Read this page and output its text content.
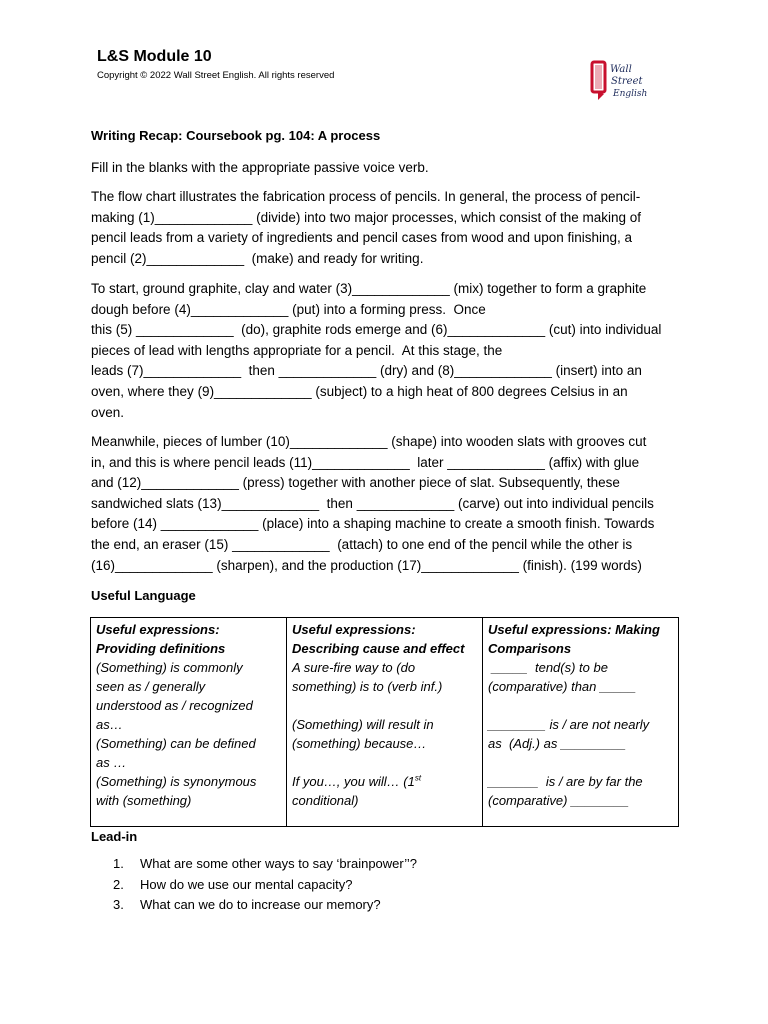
L&S Module 10
Copyright © 2022 Wall Street English. All rights reserved
Wall
Street
English
Writing Recap: Coursebook pg. 104: A process
Fill in the blanks with the appropriate passive voice verb.

The flow chart illustrates the fabrication process of pencils. In general, the process of pencil-
making (1)_____________ (divide) into two major processes, which consist of the making of
pencil leads from a variety of ingredients and pencil cases from wood and upon finishing, a
pencil (2)_____________  (make) and ready for writing.

To start, ground graphite, clay and water (3)_____________ (mix) together to form a graphite
dough before (4)_____________ (put) into a forming press.  Once
this (5) _____________  (do), graphite rods emerge and (6)_____________ (cut) into individual
pieces of lead with lengths appropriate for a pencil.  At this stage, the
leads (7)_____________  then _____________ (dry) and (8)_____________ (insert) into an
oven, where they (9)_____________ (subject) to a high heat of 800 degrees Celsius in an
oven.

Meanwhile, pieces of lumber (10)_____________ (shape) into wooden slats with grooves cut
in, and this is where pencil leads (11)_____________  later _____________ (affix) with glue
and (12)_____________ (press) together with another piece of slat. Subsequently, these
sandwiched slats (13)_____________  then _____________ (carve) out into individual pencils
before (14) _____________ (place) into a shaping machine to create a smooth finish. Towards
the end, an eraser (15) _____________  (attach) to one end of the pencil while the other is
(16)_____________ (sharpen), and the production (17)_____________ (finish). (199 words)

Useful Language
Useful expressions:
Providing definitions
(Something) is commonly
seen as / generally
understood as / recognized
as…
(Something) can be defined
as …
(Something) is synonymous
with (something)

Useful expressions:
Describing cause and effect
A sure-fire way to (do
something) is to (verb inf.)
(Something) will result in
(something) because…
If you…, you will… (1st
conditional)

Useful expressions: Making
Comparisons
_____  tend(s) to be
(comparative) than _____
________ is / are not nearly
as  (Adj.) as _________
_______  is / are by far the
(comparative) ________
Lead-in
1.	What are some other ways to say ‘brainpower’’?
2.	How do we use our mental capacity?
3.	What can we do to increase our memory?
